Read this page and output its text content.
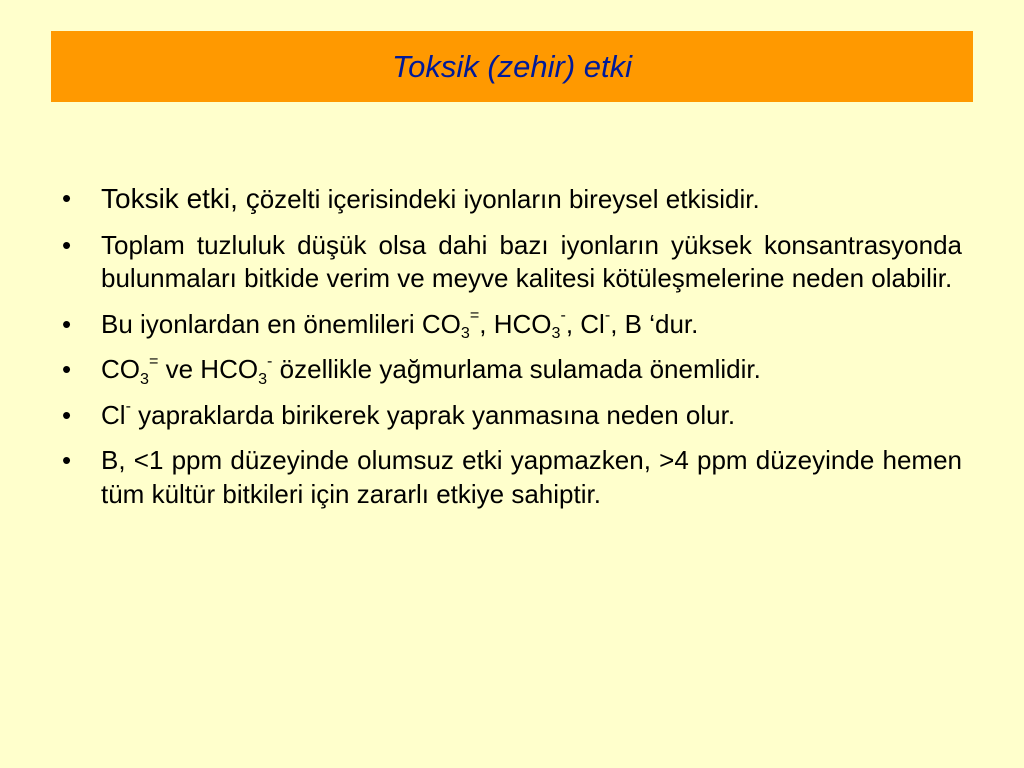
Toksik (zehir) etki
•	Toksik etki, çözelti içerisindeki iyonların bireysel etkisidir.
•	Toplam tuzluluk düşük olsa dahi bazı iyonların yüksek konsantrasyonda bulunmaları bitkide verim ve meyve kalitesi kötüleşmelerine neden olabilir.
•	Bu iyonlardan en önemlileri $CO_3^=$, $HCO_3^-$, Cl-, B ‘dur.
•	$CO_3^=$ ve $HCO_3^-$ özellikle yağmurlama sulamada önemlidir.
•	Cl- yapraklarda birikerek yaprak yanmasına neden olur.
•	B, <1 ppm düzeyinde olumsuz etki yapmazken, >4 ppm düzeyinde hemen tüm kültür bitkileri için zararlı etkiye sahiptir.
